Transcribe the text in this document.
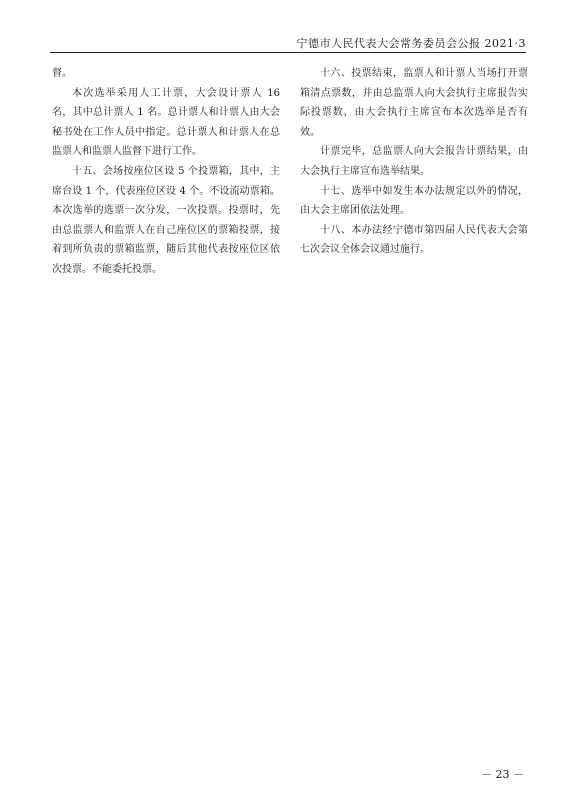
宁德市人民代表大会常务委员会公报 2021·3

督。

本次选举采用人工计票，大会设计票人 16 名，其中总计票人 1 名。总计票人和计票人由大会秘书处在工作人员中指定。总计票人和计票人在总监票人和监票人监督下进行工作。

十五、会场按座位区设 5 个投票箱，其中，主席台设 1 个，代表座位区设 4 个。不设流动票箱。本次选举的选票一次分发，一次投票。投票时，先由总监票人和监票人在自己座位区的票箱投票，接着到所负责的票箱监票，随后其他代表按座位区依次投票。不能委托投票。

十六、投票结束，监票人和计票人当场打开票箱清点票数，并由总监票人向大会执行主席报告实际投票数，由大会执行主席宣布本次选举是否有效。

计票完毕，总监票人向大会报告计票结果，由大会执行主席宣布选举结果。

十七、选举中如发生本办法规定以外的情况，由大会主席团依法处理。

十八、本办法经宁德市第四届人民代表大会第七次会议全体会议通过施行。

－ 23 －
